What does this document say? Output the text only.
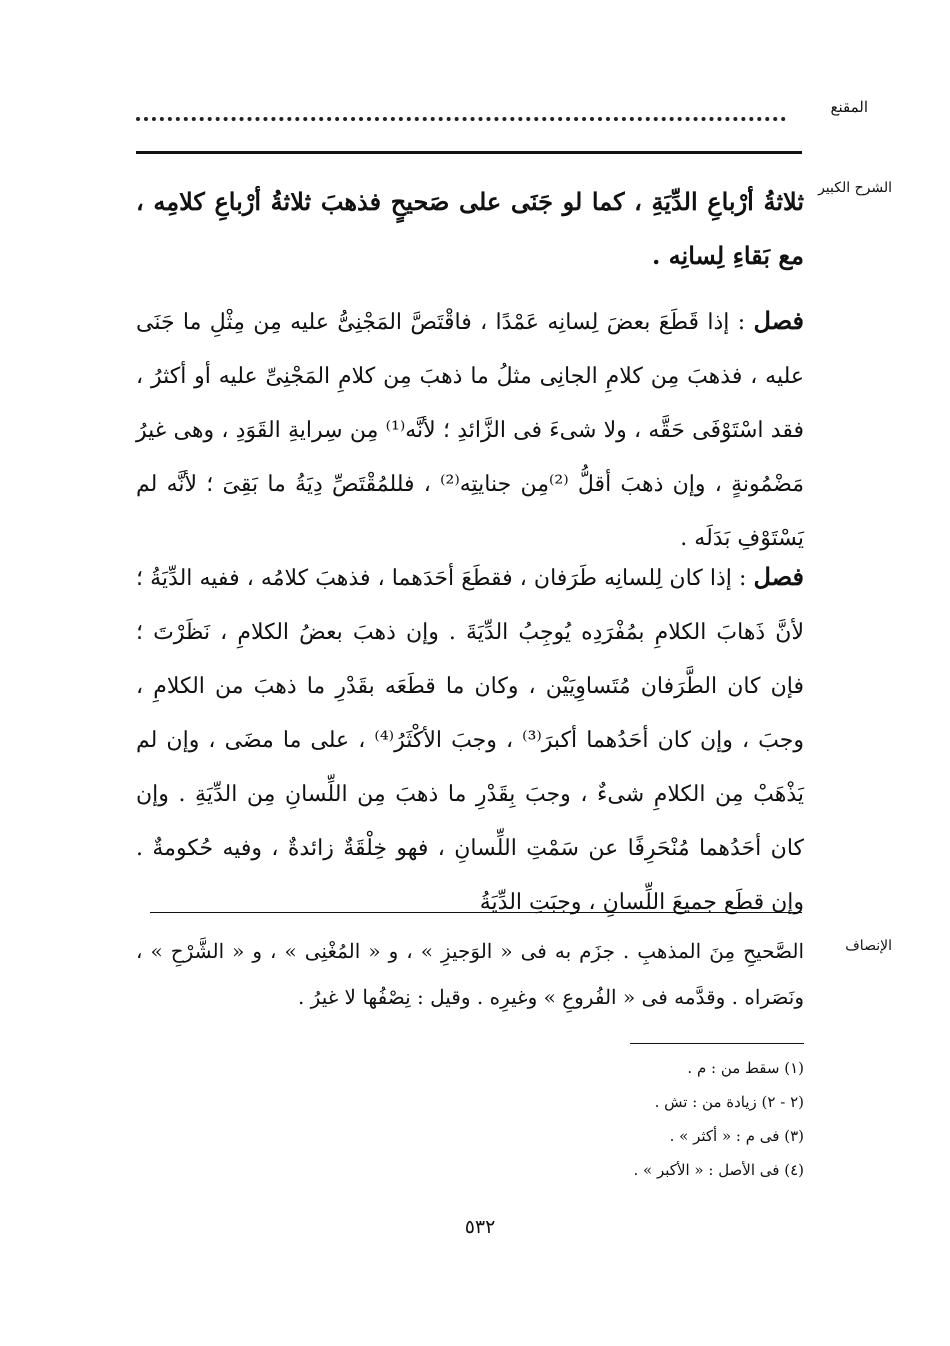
المقنع
الشرح الكبير

ثلاثةُ أرْباعِ الدِّيَةِ ، كما لو جَنَى على صَحيحٍ فذهبَ ثلاثةُ أرْباعِ كلامِه ، مع بَقاءِ لِسانِه .

فصل : إذا قَطَعَ بعضَ لِسانِه عَمْدًا ، فاقْتَصَّ المَجْنِىُّ عليه مِن مِثْلِ ما جَنَى عليه ، فذهبَ مِن كلامِ الجانِى مثلُ ما ذهبَ مِن كلامِ المَجْنِىِّ عليه أو أكثرُ ، فقد اسْتَوْفَى حَقَّه ، ولا شىءَ فى الزَّائدِ ؛ لأنَّه⁽¹⁾ مِن سِرايةِ القَوَدِ ، وهى غيرُ مَضْمُونةٍ ، وإن ذهبَ أقلُّ ⁽²⁾مِن جنايتِه⁽²⁾ ، فللمُقْتَصِّ دِيَةُ ما بَقِىَ ؛ لأنَّه لم يَسْتَوْفِ بَدَلَه .

فصل : إذا كان لِلسانِه طَرَفان ، فقطَعَ أحَدَهما ، فذهبَ كلامُه ، ففيه الدِّيَةُ ؛ لأنَّ ذَهابَ الكلامِ بمُفْرَدِه يُوجِبُ الدِّيَةَ . وإن ذهبَ بعضُ الكلامِ ، نَظَرْتَ ؛ فإن كان الطَّرَفان مُتَساوِيَيْن ، وكان ما قطَعَه بقَدْرِ ما ذهبَ من الكلامِ ، وجبَ ، وإن كان أحَدُهما أكبرَ⁽³⁾ ، وجبَ الأكْثَرُ⁽⁴⁾ ، على ما مضَى ، وإن لم يَذْهَبْ مِن الكلامِ شىءٌ ، وجبَ بِقَدْرِ ما ذهبَ مِن اللِّسانِ مِن الدِّيَةِ . وإن كان أحَدُهما مُنْحَرِفًا عن سَمْتِ اللِّسانِ ، فهو خِلْقَةٌ زائدةٌ ، وفيه حُكومةٌ . وإن قطَع جميعَ اللِّسانِ ، وجبَتِ الدِّيَةُ

الإنصاف

الصَّحيحِ مِنَ المذهبِ . جزَم به فى « الوَجيزِ » ، و « المُغْنِى » ، و « الشَّرْحِ » ، ونَصَراه . وقدَّمه فى « الفُروعِ » وغيرِه . وقيل : نِصْفُها لا غيرُ .

(١) سقط من : م .
(٢ - ٢) زيادة من : تش .
(٣) فى م : « أكثر » .
(٤) فى الأصل : « الأكبر » .
٥٣٢
